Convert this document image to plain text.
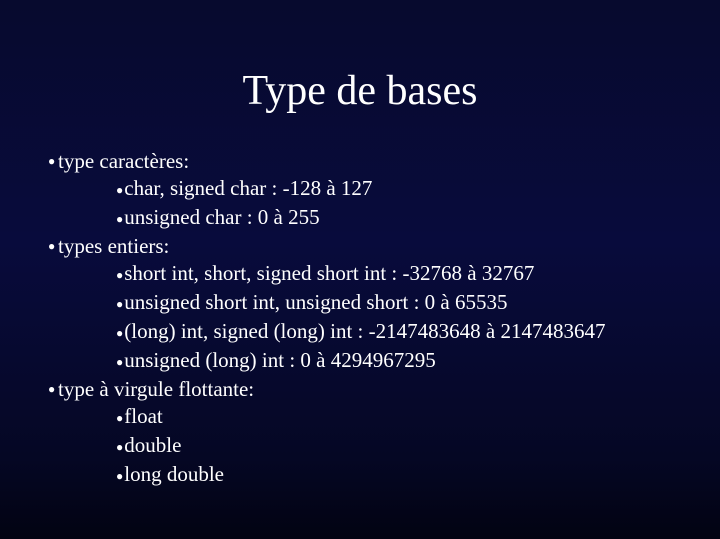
Type de bases
● type caractères:
●char, signed char : -128 à 127
●unsigned char : 0 à 255
● types entiers:
●short int, short, signed short int : -32768 à 32767
●unsigned short int, unsigned short : 0 à 65535
●(long) int, signed (long) int : -2147483648 à 2147483647
●unsigned (long) int : 0 à 4294967295
● type à virgule flottante:
●float
●double
●long double
